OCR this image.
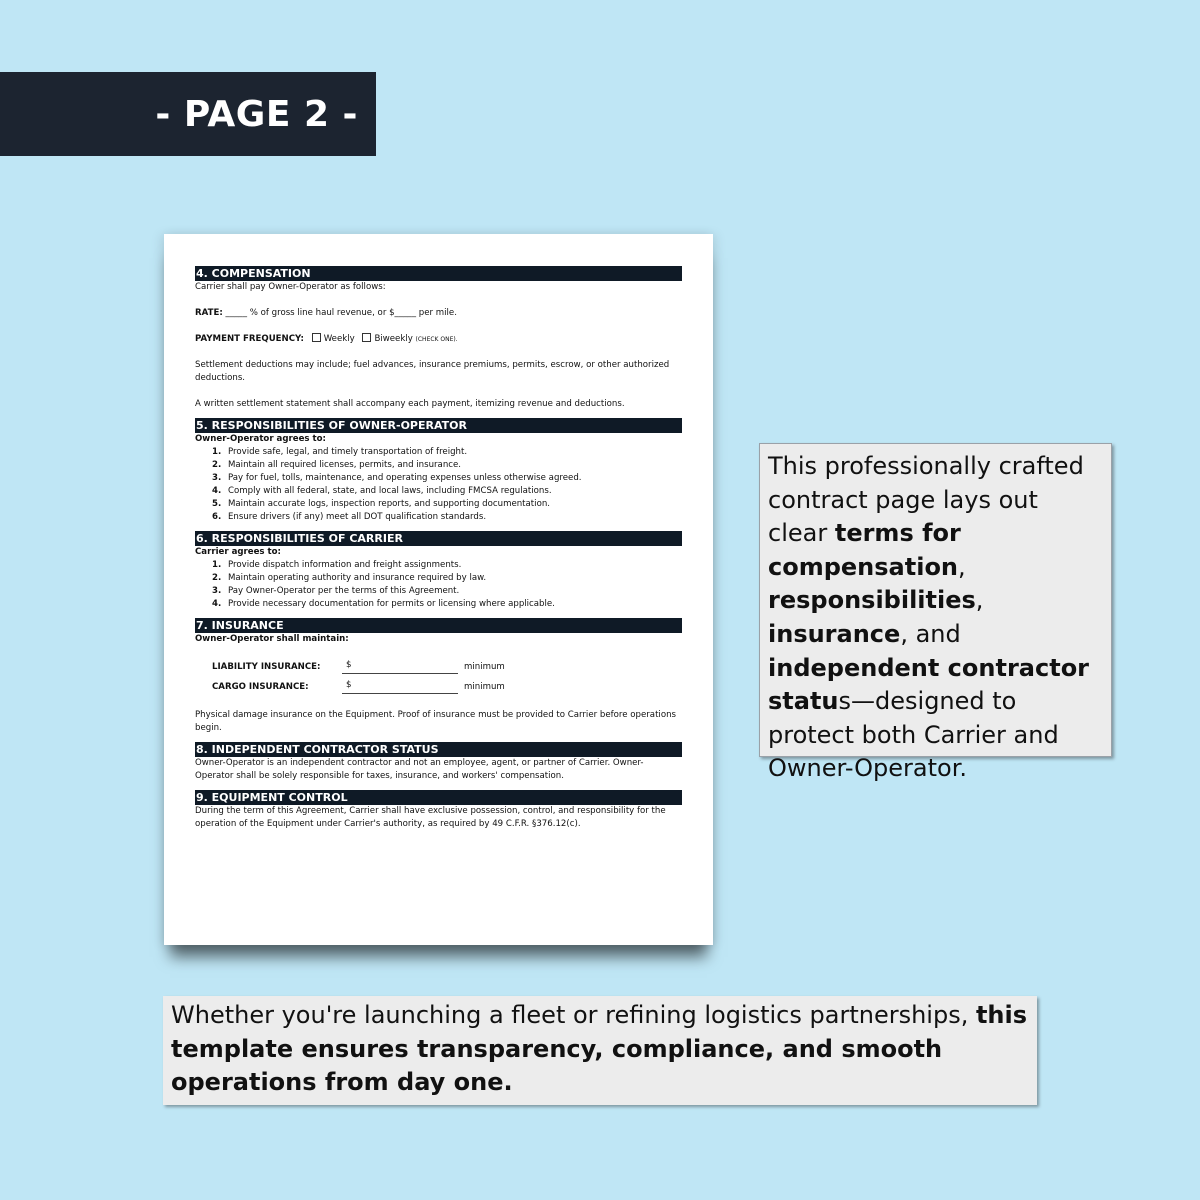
- PAGE 2 -
4. COMPENSATION

Carrier shall pay Owner-Operator as follows:

RATE: _____ % of gross line haul revenue, or $_____ per mile.

PAYMENT FREQUENCY: Weekly Biweekly (CHECK ONE).

Settlement deductions may include; fuel advances, insurance premiums, permits, escrow, or other authorized deductions.

A written settlement statement shall accompany each payment, itemizing revenue and deductions.

5. RESPONSIBILITIES OF OWNER-OPERATOR

Owner-Operator agrees to:

1. Provide safe, legal, and timely transportation of freight.
2. Maintain all required licenses, permits, and insurance.
3. Pay for fuel, tolls, maintenance, and operating expenses unless otherwise agreed.
4. Comply with all federal, state, and local laws, including FMCSA regulations.
5. Maintain accurate logs, inspection reports, and supporting documentation.
6. Ensure drivers (if any) meet all DOT qualification standards.
6. RESPONSIBILITIES OF CARRIER

Carrier agrees to:

1. Provide dispatch information and freight assignments.
2. Maintain operating authority and insurance required by law.
3. Pay Owner-Operator per the terms of this Agreement.
4. Provide necessary documentation for permits or licensing where applicable.
7. INSURANCE

Owner-Operator shall maintain:

LIABILITY INSURANCE:	$	minimum
CARGO INSURANCE:	$	minimum

Physical damage insurance on the Equipment. Proof of insurance must be provided to Carrier before operations begin.

8. INDEPENDENT CONTRACTOR STATUS

Owner-Operator is an independent contractor and not an employee, agent, or partner of Carrier. Owner-Operator shall be solely responsible for taxes, insurance, and workers' compensation.

9. EQUIPMENT CONTROL

During the term of this Agreement, Carrier shall have exclusive possession, control, and responsibility for the operation of the Equipment under Carrier's authority, as required by 49 C.F.R. §376.12(c).

This professionally crafted contract page lays out clear terms for compensation, responsibilities, insurance, and independent contractor status—designed to protect both Carrier and Owner-Operator.
Whether you're launching a fleet or refining logistics partnerships, this template ensures transparency, compliance, and smooth operations from day one.
